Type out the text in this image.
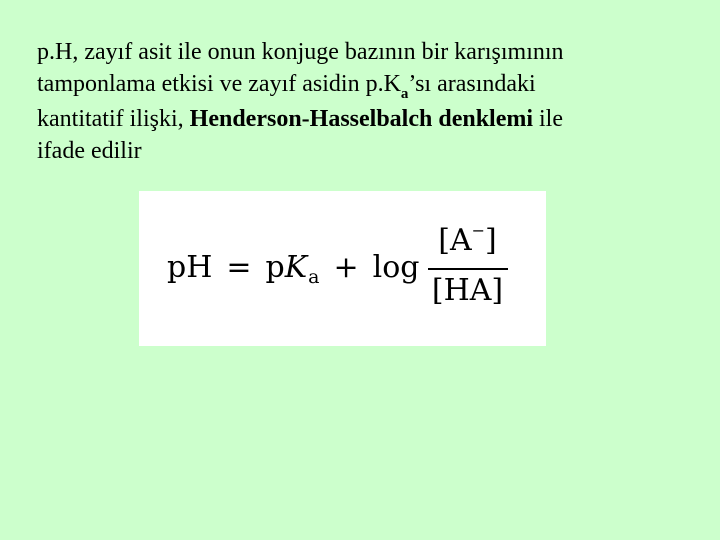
p.H, zayıf asit ile onun konjuge bazının bir karışımının
tamponlama etkisi ve zayıf asidin $p.K_a’sı$ arasındaki
kantitatif ilişki, Henderson-Hasselbalch denklemi ile
ifade edilir
pH = p K $a + \log \frac{[A^-]}{[HA]}$
